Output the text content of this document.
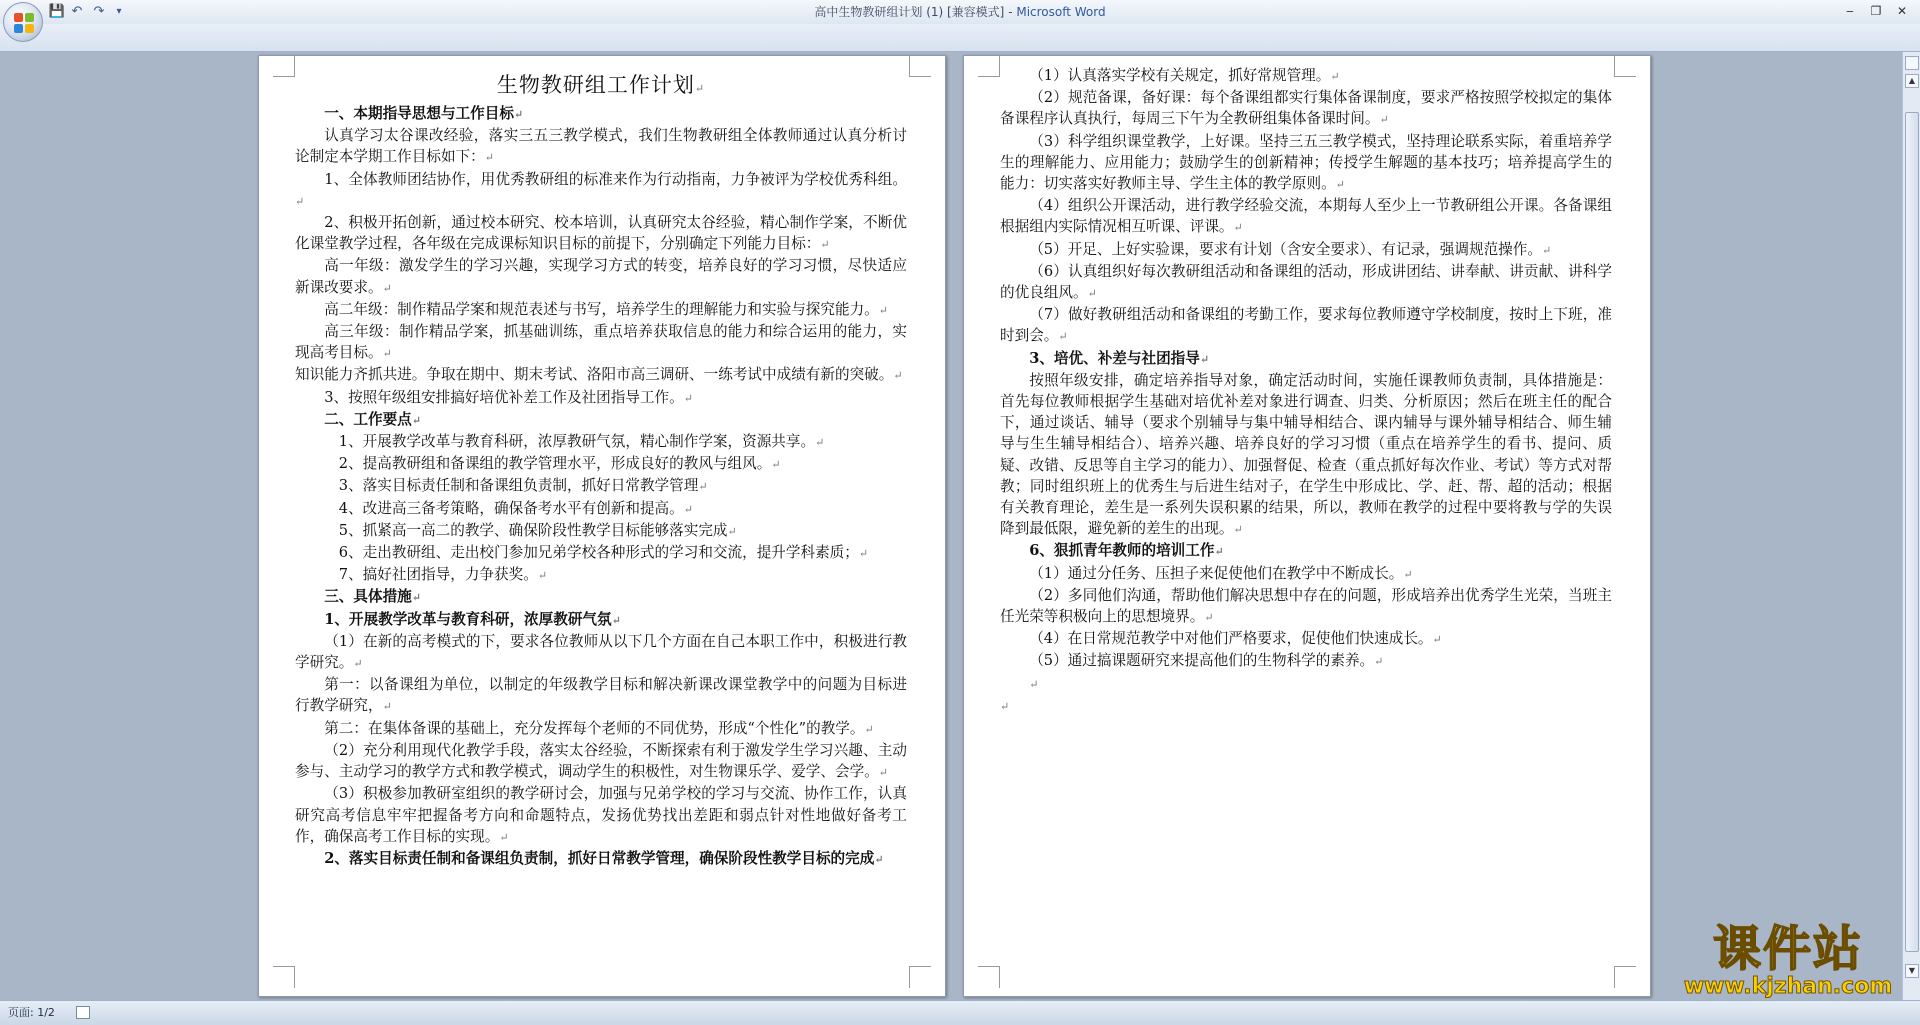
高中生物教研组计划 (1) [兼容模式] - Microsoft Word
💾 ↶ ↷	▾	‒	❐	✕

生物教研组工作计划↵

一、本期指导思想与工作目标↵

认真学习太谷课改经验，落实三五三教学模式，我们生物教研组全体教师通过认真分析讨论制定本学期工作目标如下：↵

1、全体教师团结协作，用优秀教研组的标准来作为行动指南，力争被评为学校优秀科组。↵

2、积极开拓创新，通过校本研究、校本培训，认真研究太谷经验，精心制作学案，不断优化课堂教学过程，各年级在完成课标知识目标的前提下，分别确定下列能力目标：↵

高一年级：激发学生的学习兴趣，实现学习方式的转变，培养良好的学习习惯，尽快适应新课改要求。↵

高二年级：制作精品学案和规范表述与书写，培养学生的理解能力和实验与探究能力。↵

高三年级：制作精品学案，抓基础训练，重点培养获取信息的能力和综合运用的能力，实现高考目标。↵

知识能力齐抓共进。争取在期中、期末考试、洛阳市高三调研、一练考试中成绩有新的突破。↵

3、按照年级组安排搞好培优补差工作及社团指导工作。↵

二、工作要点↵

1、开展教学改革与教育科研，浓厚教研气氛，精心制作学案，资源共享。↵

2、提高教研组和备课组的教学管理水平，形成良好的教风与组风。↵

3、落实目标责任制和备课组负责制，抓好日常教学管理↵

4、改进高三备考策略，确保备考水平有创新和提高。↵

5、抓紧高一高二的教学、确保阶段性教学目标能够落实完成↵

6、走出教研组、走出校门参加兄弟学校各种形式的学习和交流，提升学科素质；↵

7、搞好社团指导，力争获奖。↵

三、具体措施↵

1、开展教学改革与教育科研，浓厚教研气氛↵

（1）在新的高考模式的下，要求各位教师从以下几个方面在自己本职工作中，积极进行教学研究。↵

第一：以备课组为单位，以制定的年级教学目标和解决新课改课堂教学中的问题为目标进行教学研究，↵

第二：在集体备课的基础上，充分发挥每个老师的不同优势，形成“个性化”的教学。↵

（2）充分利用现代化教学手段，落实太谷经验，不断探索有利于激发学生学习兴趣、主动参与、主动学习的教学方式和教学模式，调动学生的积极性，对生物课乐学、爱学、会学。↵

（3）积极参加教研室组织的教学研讨会，加强与兄弟学校的学习与交流、协作工作，认真研究高考信息牢牢把握备考方向和命题特点，发扬优势找出差距和弱点针对性地做好备考工作，确保高考工作目标的实现。↵

2、落实目标责任制和备课组负责制，抓好日常教学管理，确保阶段性教学目标的完成↵

（1）认真落实学校有关规定，抓好常规管理。↵

（2）规范备课，备好课：每个备课组都实行集体备课制度，要求严格按照学校拟定的集体备课程序认真执行，每周三下午为全教研组集体备课时间。↵

（3）科学组织课堂教学，上好课。坚持三五三教学模式，坚持理论联系实际，着重培养学生的理解能力、应用能力；鼓励学生的创新精神；传授学生解题的基本技巧；培养提高学生的能力：切实落实好教师主导、学生主体的教学原则。↵

（4）组织公开课活动，进行教学经验交流，本期每人至少上一节教研组公开课。各备课组根据组内实际情况相互听课、评课。↵

（5）开足、上好实验课，要求有计划（含安全要求）、有记录，强调规范操作。↵

（6）认真组织好每次教研组活动和备课组的活动，形成讲团结、讲奉献、讲贡献、讲科学的优良组风。↵

（7）做好教研组活动和备课组的考勤工作，要求每位教师遵守学校制度，按时上下班，准时到会。↵

3、培优、补差与社团指导↵

按照年级安排，确定培养指导对象，确定活动时间，实施任课教师负责制，具体措施是：首先每位教师根据学生基础对培优补差对象进行调查、归类、分析原因；然后在班主任的配合下，通过谈话、辅导（要求个别辅导与集中辅导相结合、课内辅导与课外辅导相结合、师生辅导与生生辅导相结合）、培养兴趣、培养良好的学习习惯（重点在培养学生的看书、提问、质疑、改错、反思等自主学习的能力）、加强督促、检查（重点抓好每次作业、考试）等方式对帮教；同时组织班上的优秀生与后进生结对子，在学生中形成比、学、赶、帮、超的活动；根据有关教育理论，差生是一系列失误积累的结果，所以，教师在教学的过程中要将教与学的失误降到最低限，避免新的差生的出现。↵

6、狠抓青年教师的培训工作↵

（1）通过分任务、压担子来促使他们在教学中不断成长。↵

（2）多同他们沟通，帮助他们解决思想中存在的问题，形成培养出优秀学生光荣，当班主任光荣等积极向上的思想境界。↵

（4）在日常规范教学中对他们严格要求，促使他们快速成长。↵

（5）通过搞课题研究来提高他们的生物科学的素养。↵

↵

↵

▲
▼
页面: 1/2
课件站
www.kjzhan.com
